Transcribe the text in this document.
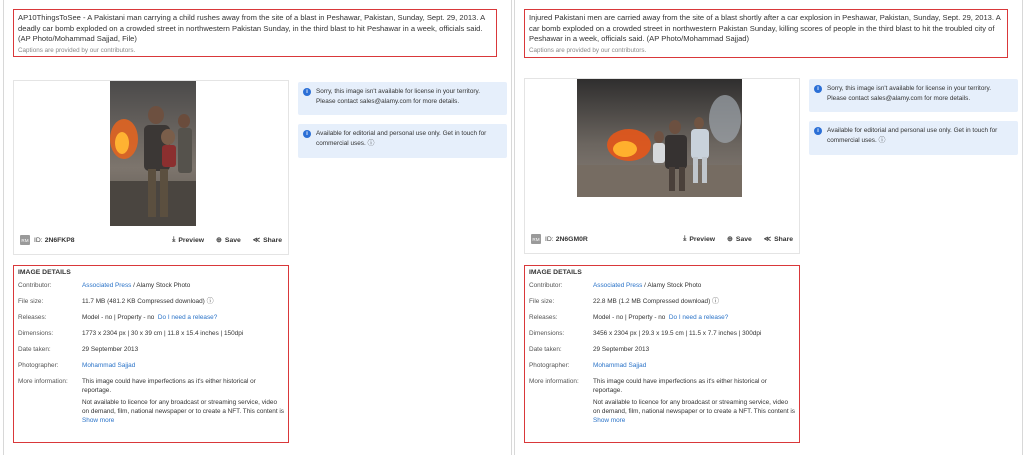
AP10ThingsToSee - A Pakistani man carrying a child rushes away from the site of a blast in Peshawar, Pakistan, Sunday, Sept. 29, 2013. A deadly car bomb exploded on a crowded street in northwestern Pakistan Sunday, in the third blast to hit Peshawar in a week, officials said. (AP Photo/Mohammad Sajjad, File)

Captions are provided by our contributors.
RM ID: 2N6FKP8	⤓ Preview ⊕ Save ≪ Share
i	Sorry, this image isn't available for license in your territory. Please contact sales@alamy.com for more details.
i	Available for editorial and personal use only. Get in touch for commercial uses. ⓘ
IMAGE DETAILS
Contributor:	Associated Press / Alamy Stock Photo
File size:	11.7 MB (481.2 KB Compressed download) ⓘ
Releases:	Model - no | Property - no Do I need a release?
Dimensions:	1773 x 2304 px | 30 x 39 cm | 11.8 x 15.4 inches | 150dpi
Date taken:	29 September 2013
Photographer:	Mohammad Sajjad
More information:	This image could have imperfections as it's either historical or reportage.
Not available to licence for any broadcast or streaming service, video on demand, film, national newspaper or to create a NFT. This content is
Show more

Injured Pakistani men are carried away from the site of a blast shortly after a car explosion in Peshawar, Pakistan, Sunday, Sept. 29, 2013. A car bomb exploded on a crowded street in northwestern Pakistan Sunday, killing scores of people in the third blast to hit the troubled city of Peshawar in a week, officials said. (AP Photo/Mohammad Sajjad)

Captions are provided by our contributors.
RM ID: 2N6GM0R	⤓ Preview ⊕ Save ≪ Share
i	Sorry, this image isn't available for license in your territory. Please contact sales@alamy.com for more details.
i	Available for editorial and personal use only. Get in touch for commercial uses. ⓘ
IMAGE DETAILS
Contributor:	Associated Press / Alamy Stock Photo
File size:	22.8 MB (1.2 MB Compressed download) ⓘ
Releases:	Model - no | Property - no Do I need a release?
Dimensions:	3456 x 2304 px | 29.3 x 19.5 cm | 11.5 x 7.7 inches | 300dpi
Date taken:	29 September 2013
Photographer:	Mohammad Sajjad
More information:	This image could have imperfections as it's either historical or reportage.
Not available to licence for any broadcast or streaming service, video on demand, film, national newspaper or to create a NFT. This content is
Show more
